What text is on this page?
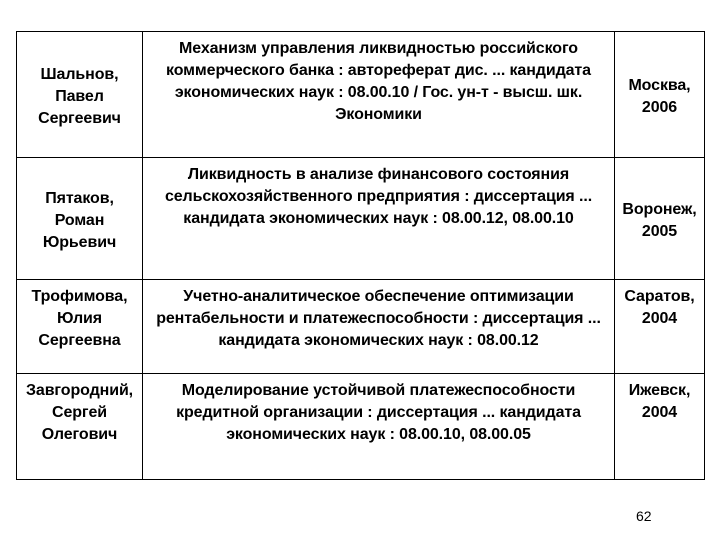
Шальнов, Павел Сергеевич	Механизм управления ликвидностью российского коммерческого банка : автореферат дис. ... кандидата экономических наук : 08.00.10 / Гос. ун-т - высш. шк. Экономики	Москва, 2006
Пятаков, Роман Юрьевич	Ликвидность в анализе финансового состояния сельскохозяйственного предприятия : диссертация ... кандидата экономических наук : 08.00.12, 08.00.10	Воронеж, 2005
Трофимова, Юлия Сергеевна	Учетно-аналитическое обеспечение оптимизации рентабельности и платежеспособности : диссертация ... кандидата экономических наук : 08.00.12	Саратов, 2004
Завгородний, Сергей Олегович	Моделирование устойчивой платежеспособности кредитной организации : диссертация ... кандидата экономических наук : 08.00.10, 08.00.05	Ижевск, 2004
62
